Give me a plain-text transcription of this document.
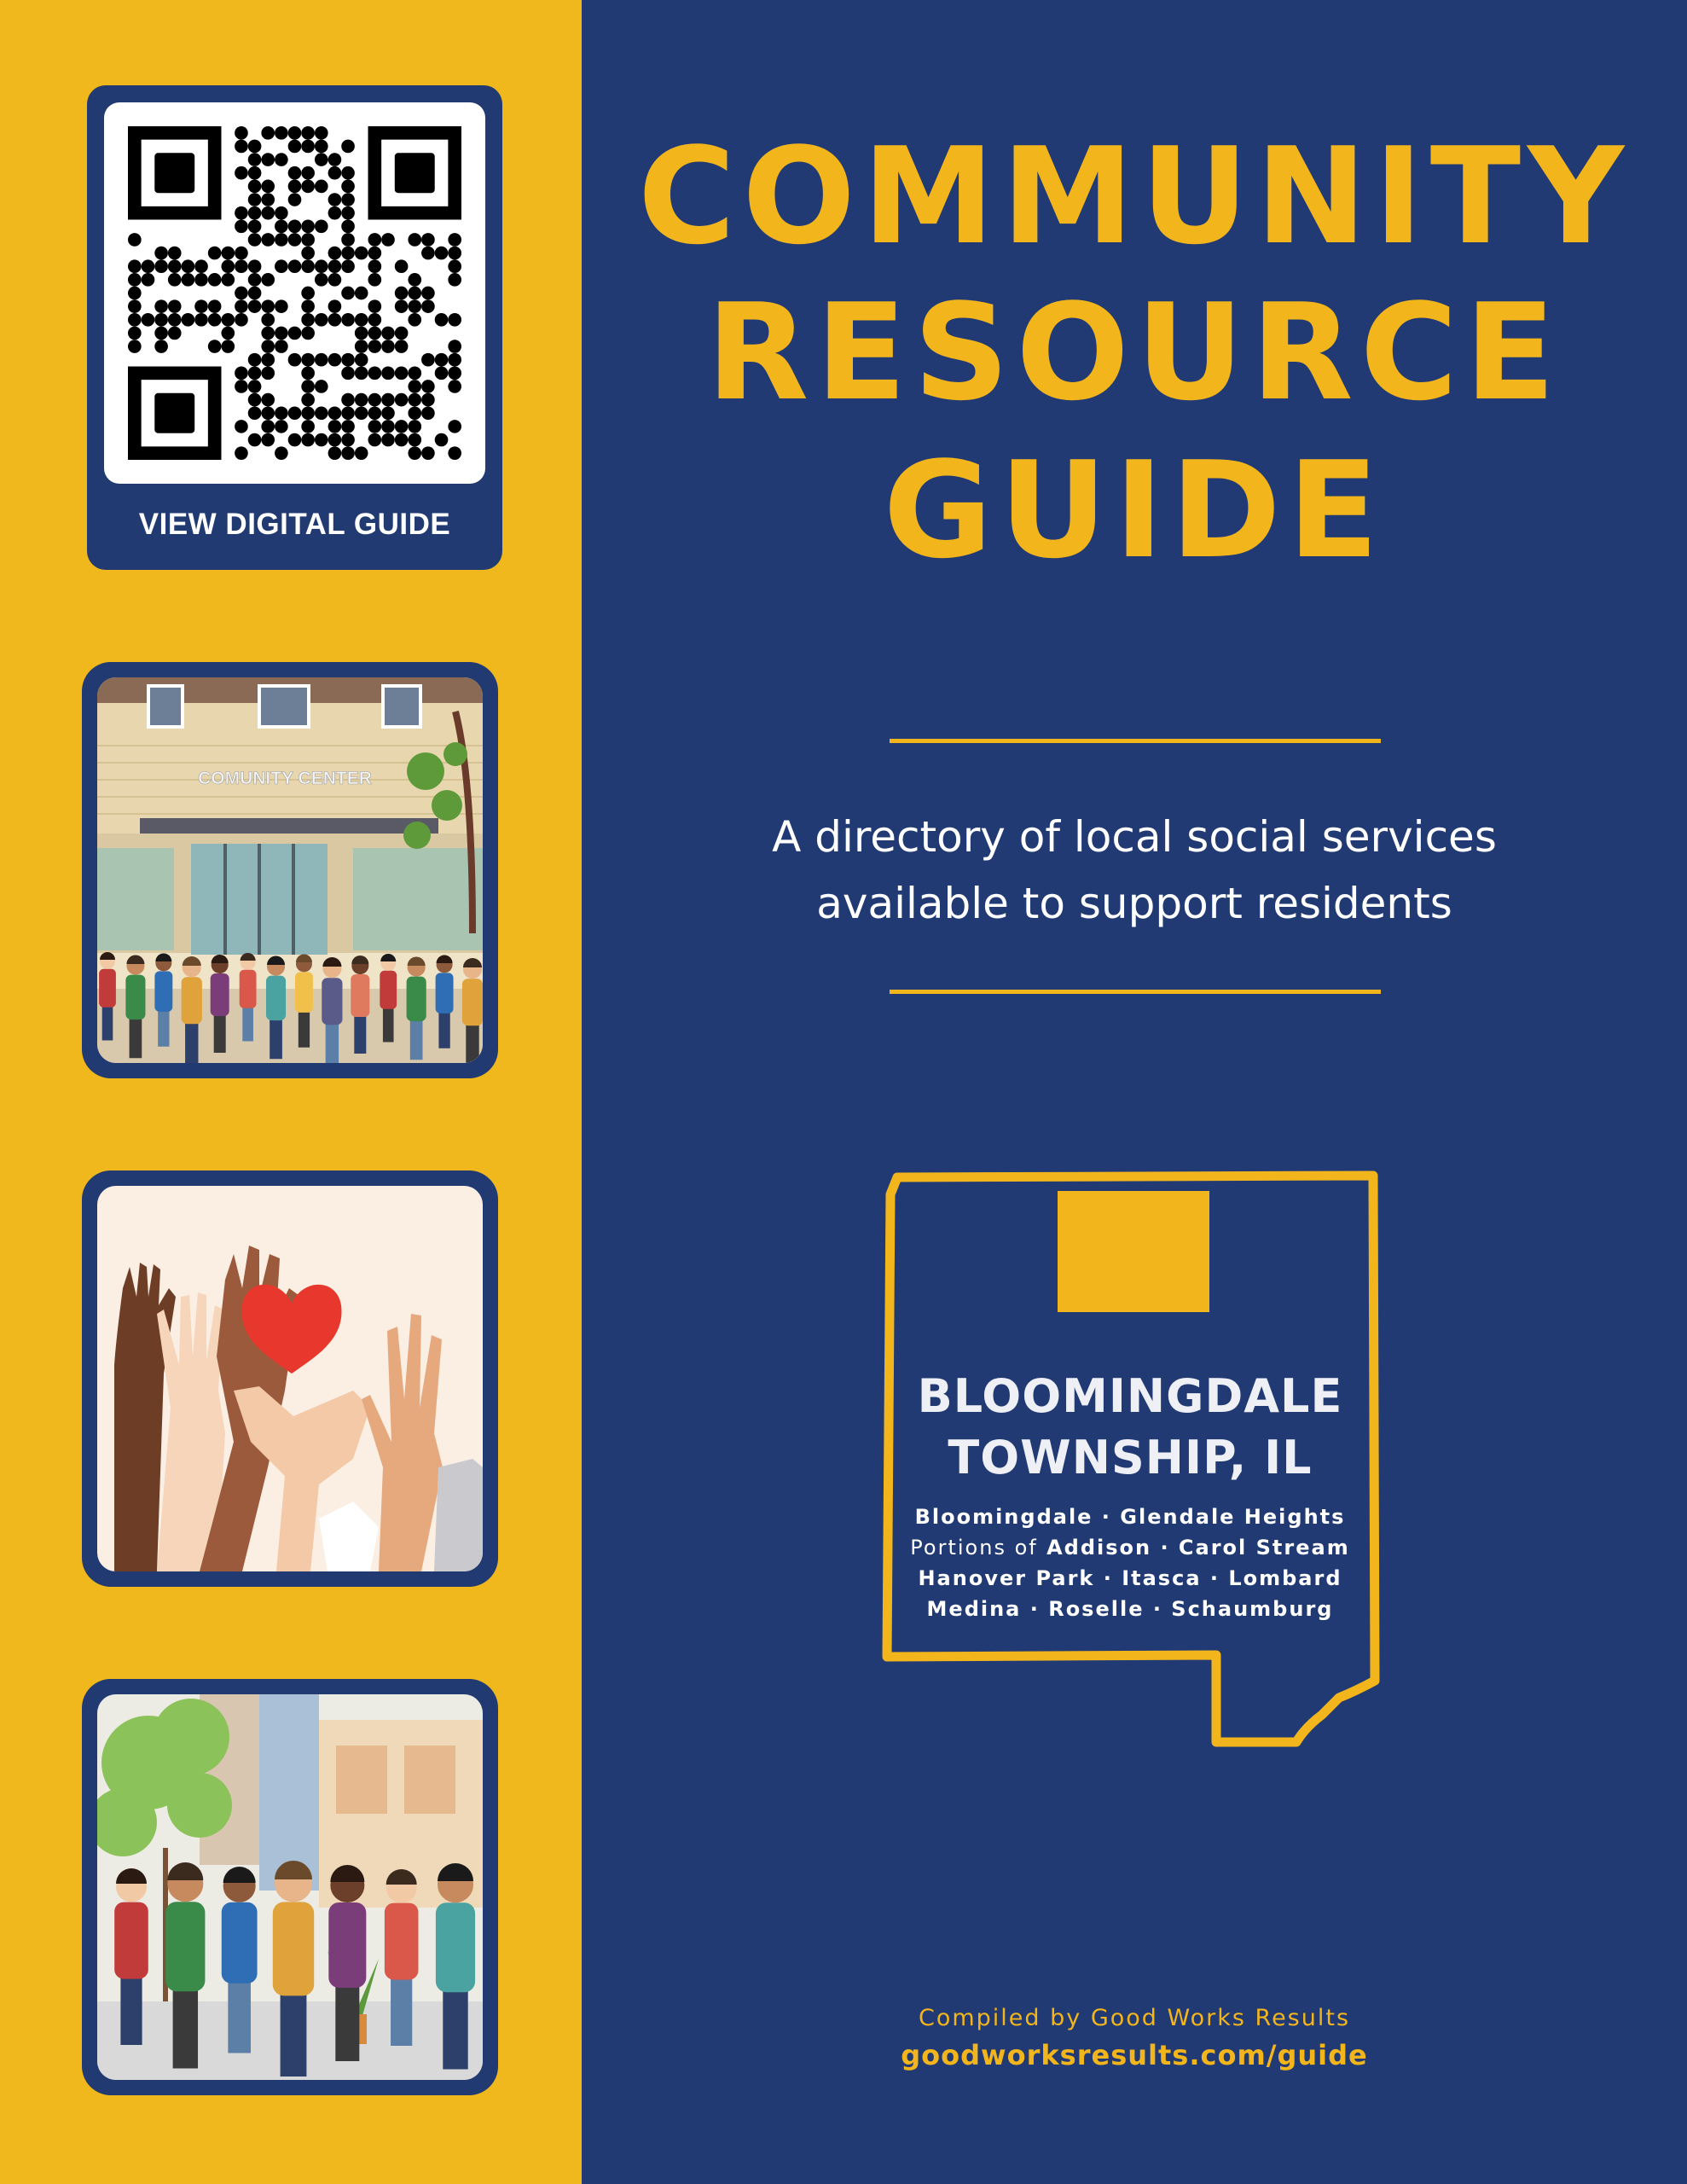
VIEW DIGITAL GUIDE
COMUNITY CENTER
COMMUNITY
RESOURCE
GUIDE
A directory of local social services
available to support residents
BLOOMINGDALE
TOWNSHIP, IL
Bloomingdale · Glendale Heights
Portions of Addison · Carol Stream
Hanover Park · Itasca · Lombard
Medina · Roselle · Schaumburg
Compiled by Good Works Results
goodworksresults.com/guide
